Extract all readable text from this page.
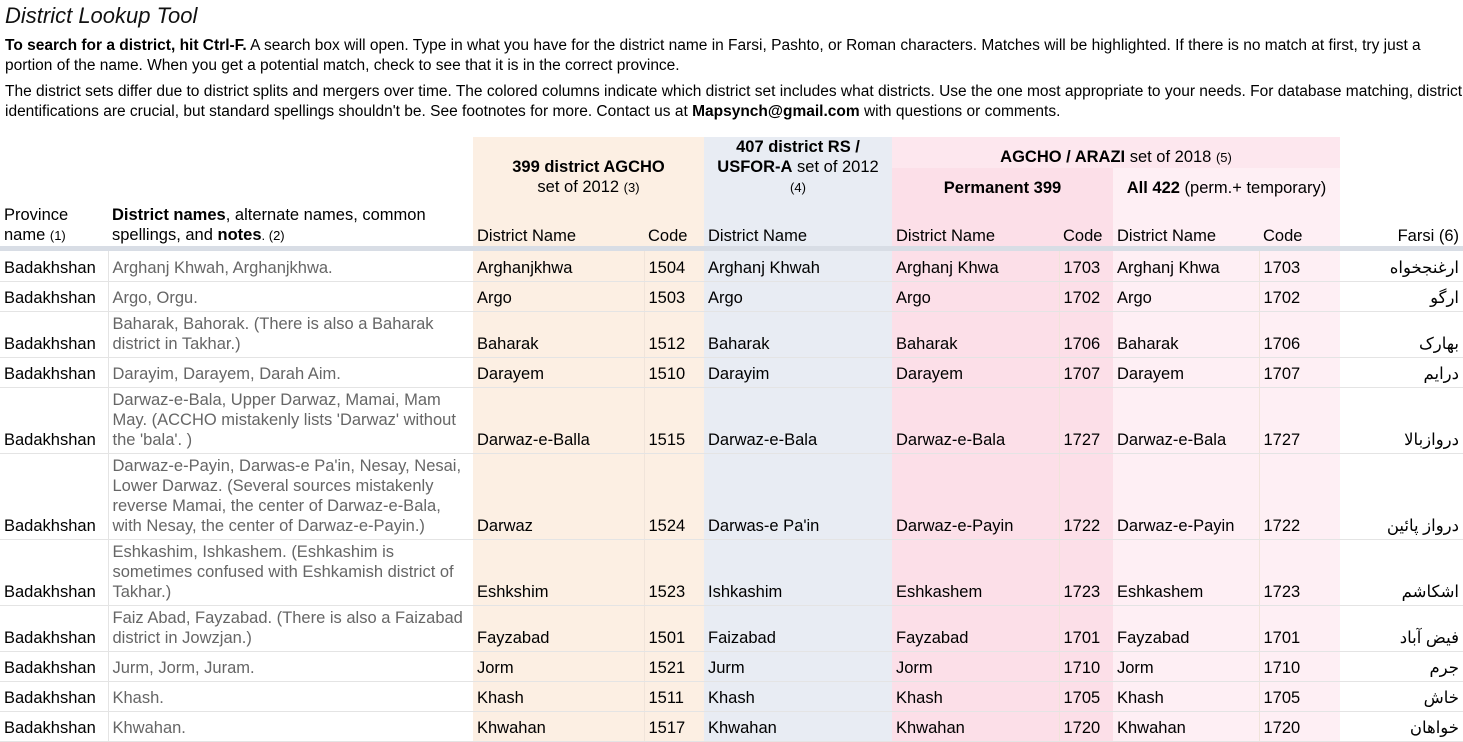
District Lookup Tool

To search for a district, hit Ctrl-F. A search box will open. Type in what you have for the district name in Farsi, Pashto, or Roman characters. Matches will be highlighted. If there is no match at first, try just a
portion of the name. When you get a potential match, check to see that it is in the correct province.

The district sets differ due to district splits and mergers over time. The colored columns indicate which district set includes what districts. Use the one most appropriate to your needs. For database matching, district
identifications are crucial, but standard spellings shouldn't be. See footnotes for more. Contact us at Mapsynch@gmail.com with questions or comments.

		399 district AGCHO
set of 2012 (3)		407 district RS /
USFOR-A set of 2012
(4)	AGCHO / ARAZI set of 2018 (5)				
					Permanent 399		All 422 (perm.+ temporary)		
Province
name (1)	District names, alternate names, common
spellings, and notes. (2)	District Name	Code	District Name	District Name	Code	District Name	Code	Farsi (6)

Badakhshan	Arghanj Khwah, Arghanjkhwa.	Arghanjkhwa	1504	Arghanj Khwah	Arghanj Khwa	1703	Arghanj Khwa	1703	ارغنجخواه
Badakhshan	Argo, Orgu.	Argo	1503	Argo	Argo	1702	Argo	1702	ارگو
Badakhshan	Baharak, Bahorak. (There is also a Baharak district in Takhar.)	Baharak	1512	Baharak	Baharak	1706	Baharak	1706	بهارک
Badakhshan	Darayim, Darayem, Darah Aim.	Darayem	1510	Darayim	Darayem	1707	Darayem	1707	درایم
Badakhshan	Darwaz-e-Bala, Upper Darwaz, Mamai, Mam May. (ACCHO mistakenly lists 'Darwaz' without the 'bala'. )	Darwaz-e-Balla	1515	Darwaz-e-Bala	Darwaz-e-Bala	1727	Darwaz-e-Bala	1727	دروازبالا
Badakhshan	Darwaz-e-Payin, Darwas-e Pa'in, Nesay, Nesai, Lower Darwaz. (Several sources mistakenly reverse Mamai, the center of Darwaz-e-Bala, with Nesay, the center of Darwaz-e-Payin.)	Darwaz	1524	Darwas-e Pa'in	Darwaz-e-Payin	1722	Darwaz-e-Payin	1722	درواز پائین
Badakhshan	Eshkashim, Ishkashem. (Eshkashim is sometimes confused with Eshkamish district of Takhar.)	Eshkshim	1523	Ishkashim	Eshkashem	1723	Eshkashem	1723	اشکاشم
Badakhshan	Faiz Abad, Fayzabad. (There is also a Faizabad district in Jowzjan.)	Fayzabad	1501	Faizabad	Fayzabad	1701	Fayzabad	1701	فیض آباد
Badakhshan	Jurm, Jorm, Juram.	Jorm	1521	Jurm	Jorm	1710	Jorm	1710	جرم
Badakhshan	Khash.	Khash	1511	Khash	Khash	1705	Khash	1705	خاش
Badakhshan	Khwahan.	Khwahan	1517	Khwahan	Khwahan	1720	Khwahan	1720	خواهان
